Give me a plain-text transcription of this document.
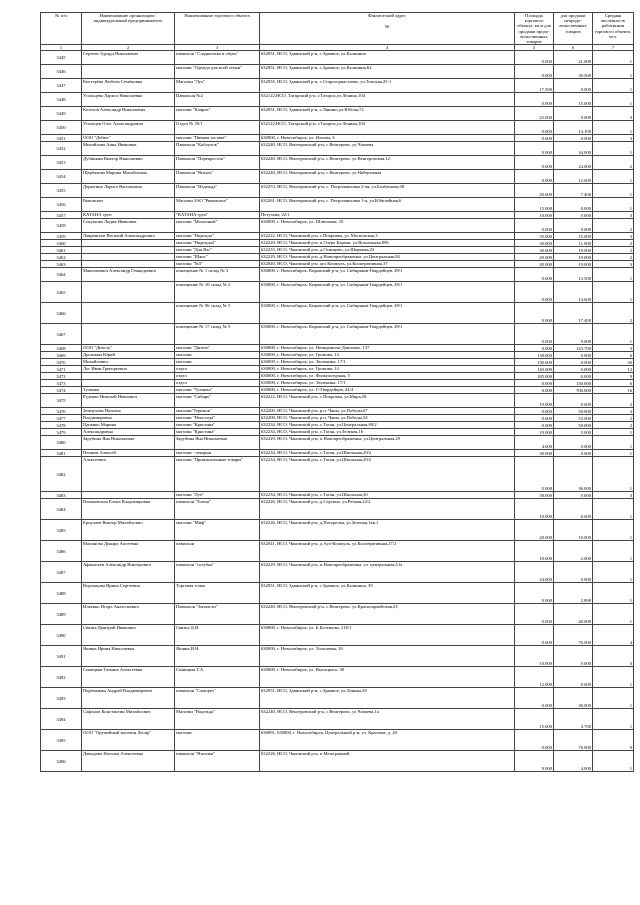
№ п/п	Наименование организации / индивидуальный предприниматель	Наименование торгового объекта	Фактический адрес
56	Площадь торгового объекта, кв.м для продажи продо-вольственных товаров	для продажи непродо-вольственных товаров	Средняя численность работников торгового объекта, чел.
1	2	3	4	5	6	7
3445	Сергеев Эдуард Николаевич	павильон "Сладкоежка и обувь"	632951, НСО, Здвинский р-н, с.Здвинск, ул.Калинина	0.000	21.000	1
3446		магазин "Одежда для всей семьи"	632951, НСО, Здвинский р-н, с.Здвинск, ул.Калинина,62	0.000	30.500	1
3447	Кистерёва Любовь Семёновна	Магазин "Луч"	632955, НСО, Здвинский р-н, с.Старогорнастаево, ул.Томская,25-1	17.500	0.000	1
3448	Усольцева Лариса Николаевна	Павильон №2	632122,НСО, Татарский р-н, г.Татарск,ул.Ленина,104	0.000	15.000	1
3449	Козелов Александр Николаевич	магазин "Каприз"	632951, НСО, Здвинский р-н, с.Лянино,ул.Юбоая,72	25.000	0.000	3
3450	Усольцев Олег Александрович	Отдел № 59/1	632122,НСО, Татарский р-н, г.Татарск,ул.Ленина,104	0.000	14.100	1
3451	ООО "Дебют"	магазин "Пивная застава"	630000, г. Новосибирск, ул. Ильича, 6	0.000	0.000	3
3452	Михайлова Анна Ивановна	Павильон "Каблучок"	632240, НСО, Венгеровский р-н, с.Венгерово, ул.Чапаева	0.000	34.000	1
3453	Дубинкин Виктор Николаевич	Павильон "Перекресток"	632240, НСО, Венгеровский р-н, с.Венгерово, ул.Венгеровская,12	0.000	24.000	2
3454	Щербакова Марина Михайловна	Павильон "Витязь"	632240, НСО, Венгеровский р-н, с.Венгерово, ул.Набережная	0.000	12.000	1
3455	Дерюгина Лариса Васильевна	Павильон "Надежда"	632253, НСО, Венгеровский р-н, с. Петропавловка 2-ая, ул.Балбашова,48	20.000	7.400	1
3456	Рямовское	Магазин ЗАО "Рямовское"	632261, НСО, Венгеровский р-н, с. Петропавловка 1-я, ул.Юбилейная,6	15.000	0.000	1
3457	КАТАНА груп	"КАТАНА груп"	Петухова, 22/1	10.000	0.000	3
3458	Сокушова Лидия Ивановна	магазин "Молочный"	630000, г. Новосибирск, ул. Шлюзовая, 10	0.000	0.000	2
3459	Лавренгьев Василий Александрович	магазин "Надежда"	632222, НСО, Чановский р-н, с.Покровка, ул. Московская,3	35.000	15.000	3
3460		магазин "Надежда2"	632220, НСО, Чановский р-н, п.Озеро Карачи, ул.Вокзальная,89б	30.000	11.000	2
3461		магазин "Для Вас"	632233, НСО, Чановский р-н, д.Осинцево, ул.Широкая,23	30.000	19.000	2
3462		магазин "Шанс"	632229, НСО, Чановский р-н, д.Новопреображенка, ул.Центральная,84	20.000	19.000	2
3463		магазин "№5"	632040, НСО, Чановский р-н, аул Кошкуль, ул.Кооперативная,37	20.000	19.000	3
3464	Максимович Александр Геннадьевич	помещение № 1 склад № 3	630000, г. Новосибирск, Кировский р-н, ул. Сибиряков-Гвардейцев, 49/1	0.000	13.500	1
3465		помещение № 10 склад № 2	630000, г. Новосибирск, Кировский р-н, ул. Сибиряков-Гвардейцев, 49/1	0.000	14.600	1
3466		помещение № 96 склад № 5	630000, г. Новосибирск, Кировский р-н, ул. Сибиряков-Гвардейцев, 49/1	0.000	17.400	2
3467		помещение № 17 склад № 5	630000, г. Новосибирск, Кировский р-н, ул. Сибиряков-Гвардейцев, 49/1	0.000	9.000	1
3468	ООО "Дизель"	магазин "Дизель"	630000, г. Новосибирск, ул. Немировича-Данченко, 137	0.000	123.700	3
3469	Дрожжин Юрий	магазин	630000, г. Новосибирск, ул. Громова, 14	138.000	0.000	6
3470	Михайлович	магазин	630000, г. Новосибирск, ул. Тюленина, 17/1	130.000	0.000	30
3471	Луг Иван Григорьевич	отдел	630000, г. Новосибирск, ул. Громова, 14	140.000	0.000	12
3472		отдел	630000, г. Новосибирск, ул. Физкультурная, 5	185.000	0.000	9
3473		отдел	630000, г. Новосибирск, ул. Тюленина, 17/1	0.000	130.000	6
3474	Тулинка	магазин "Тулинка"	630000, г. Новосибирск, ул. С-Гвардейцев, 44/4	0.000	700.000	16
3475	Руденко Николай Иванович	магазин "Сибирь"	632222, НСО, Чановский р-н, с.Покровка, ул.Мира,28	19.000	0.000	2
3476	Земнухова Наталья	магазин"Теремок"	632200, НСО, Чановский р-н, р.п. Чаны, ул.Победы,67	0.000	50.000	3
3477	Владимировна	магазин "Непоседа"	632200, НСО, Чановский р-н, р.п. Чаны, ул.Победы,54	0.000	53.000	2
3478	Цапенко Марина	магазин "Кристина"	632234, НСО, Чановский р-н, с.Таган, ул.Центральная,69/2	0.000	50.000	2
3479	Александровна	магазин "Кристина"	632234, НСО, Чановский р-н, с.Таган, ул.Зеленая,16	10.000	5.000	1
3480	Зарубина Яна Николаевна	Зарубина Яна Николаевна	632229, НСО, Чановский р-н, п.Новопреображенка, ул.Центральная,29	4.000	0.000	1
3481	Пешков Алексей	магазин - пекарня	632234, НСО, Чановский р-н, с.Таган, ул.Школьная,29/2	30.000	0.000	1
3482	Алексеевич	магазин "Промышленные товары"	632234, НСО, Чановский р-н, с.Таган, ул.Школьная,29/2	0.000	36.000	1
3483		магазин "Луч"	632234, НСО, Чановский р-н, с.Таган, ул.Школьная,30	58.000	0.000	3
3484	Пеньковская Елена Владимировна	павильон "Елена"	632226, НСО, Чановский р-н, д.Сергино, ул.Речная,22/2	10.000	6.000	1
3485	Ерпулаев Виктор Михайлович	магазин "Миф"	632226, НСО, Чановский р-н, д.Погорелка, ул.Зеленая,1кв.1	20.000	10.000	1
3486	Малинова Динара Апсеевна	павильон	632041, НСО, Чановский р-н, д.Аул-Кошкуль, ул.Кооперативная,27/2	10.000	2.000	1
3487	Афанасьев Александр Викторович	павильон "голубка"	632229, НСО, Чановский р-н, п.Новопреображенка, ул. центральная,51а	24.000	0.000	1
3488	Ворожцова Ирина Сергеевна	Торговая точка	632951, НСО, Здвинский р-н, с.Здвинск, ул.Калинина, 39	0.000	2.890	1
3489	Ильенко Игорь Анатольевич	Павильон "Запчасти"	632240, НСО, Венгеровский р-н, с.Венгерово, ул.Красноармейская,23	0.000	40.000	1
3490	Святка Дмитрий Иванович	Святка Д.И.	630000, г. Новосибирск, ул. Б.Богаткова, 210/1	0.000	76.000	4
3491	Яшина Ирина Николаевна	Яшина И.Н.	630000, г. Новосибирск, ул. Тополевая, 18	10.000	0.000	3
3492	Синицкая Татьяна Алексеевна	Синицкая Т.А.	630000, г. Новосибирск, ул. Высоцкого, 38	12.000	0.000	1
3493	Перемыкин Андрей Владимирович	павильон "Саморез"	632951, НСО, Здвинский р-н, с.Здвинск, ул.Ленина,50	0.000	30.000	1
3494	Сафонов Константин Михайлович	Магазин "Надежда"	632240, НСО, Венгеровский р-н, с.Венгерово, ул.Чапаева,1а	15.000	4.700	1
3495	ООО "Оружейный магазин Леопр"	магазин	630091, 630000, г. Новосибирск, Центральный р-н, ул. Крылова, д. 20	0.000	76.000	9
3496	Давыдова Наталья Алексеевна	павильон "Наталья"	632226, НСО, Чановский р-н, п.Межгранный	9.000	4.000	1
